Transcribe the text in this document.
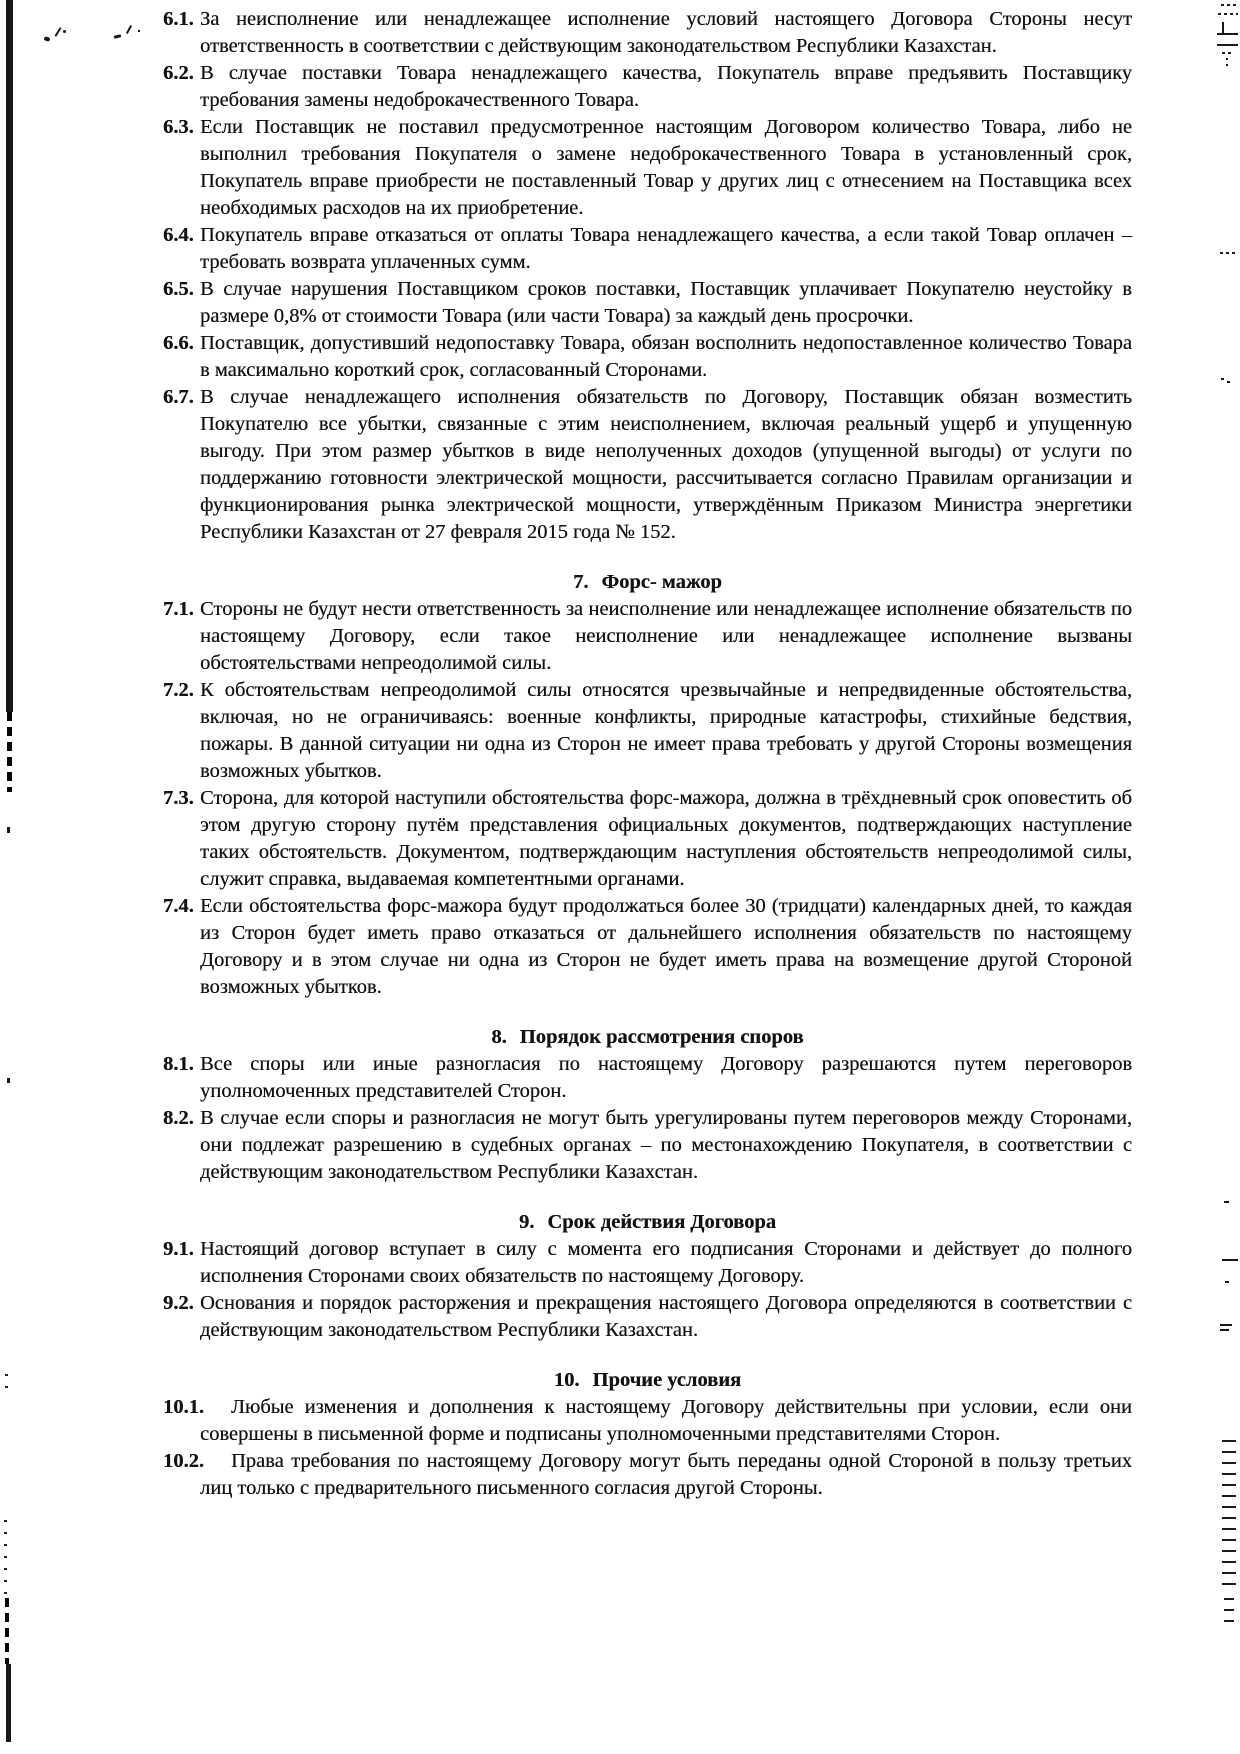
6.1. За неисполнение или ненадлежащее исполнение условий настоящего Договора Стороны несут ответственность в соответствии с действующим законодательством Республики Казахстан.

6.2. В случае поставки Товара ненадлежащего качества, Покупатель вправе предъявить Поставщику требования замены недоброкачественного Товара.

6.3. Если Поставщик не поставил предусмотренное настоящим Договором количество Товара, либо не выполнил требования Покупателя о замене недоброкачественного Товара в установленный срок, Покупатель вправе приобрести не поставленный Товар у других лиц с отнесением на Поставщика всех необходимых расходов на их приобретение.

6.4. Покупатель вправе отказаться от оплаты Товара ненадлежащего качества, а если такой Товар оплачен – требовать возврата уплаченных сумм.

6.5. В случае нарушения Поставщиком сроков поставки, Поставщик уплачивает Покупателю неустойку в размере 0,8% от стоимости Товара (или части Товара) за каждый день просрочки.

6.6. Поставщик, допустивший недопоставку Товара, обязан восполнить недопоставленное количество Товара в максимально короткий срок, согласованный Сторонами.

6.7. В случае ненадлежащего исполнения обязательств по Договору, Поставщик обязан возместить Покупателю все убытки, связанные с этим неисполнением, включая реальный ущерб и упущенную выгоду. При этом размер убытков в виде неполученных доходов (упущенной выгоды) от услуги по поддержанию готовности электрической мощности, рассчитывается согласно Правилам организации и функционирования рынка электрической мощности, утверждённым Приказом Министра энергетики Республики Казахстан от 27 февраля 2015 года № 152.

7. Форс- мажор

7.1. Стороны не будут нести ответственность за неисполнение или ненадлежащее исполнение обязательств по настоящему Договору, если такое неисполнение или ненадлежащее исполнение вызваны обстоятельствами непреодолимой силы.

7.2. К обстоятельствам непреодолимой силы относятся чрезвычайные и непредвиденные обстоятельства, включая, но не ограничиваясь: военные конфликты, природные катастрофы, стихийные бедствия, пожары. В данной ситуации ни одна из Сторон не имеет права требовать у другой Стороны возмещения возможных убытков.

7.3. Сторона, для которой наступили обстоятельства форс-мажора, должна в трёхдневный срок оповестить об этом другую сторону путём представления официальных документов, подтверждающих наступление таких обстоятельств. Документом, подтверждающим наступления обстоятельств непреодолимой силы, служит справка, выдаваемая компетентными органами.

7.4. Если обстоятельства форс-мажора будут продолжаться более 30 (тридцати) календарных дней, то каждая из Сторон будет иметь право отказаться от дальнейшего исполнения обязательств по настоящему Договору и в этом случае ни одна из Сторон не будет иметь права на возмещение другой Стороной возможных убытков.

8. Порядок рассмотрения споров

8.1. Все споры или иные разногласия по настоящему Договору разрешаются путем переговоров уполномоченных представителей Сторон.

8.2. В случае если споры и разногласия не могут быть урегулированы путем переговоров между Сторонами, они подлежат разрешению в судебных органах – по местонахождению Покупателя, в соответствии с действующим законодательством Республики Казахстан.

9. Срок действия Договора

9.1. Настоящий договор вступает в силу с момента его подписания Сторонами и действует до полного исполнения Сторонами своих обязательств по настоящему Договору.

9.2. Основания и порядок расторжения и прекращения настоящего Договора определяются в соответствии с действующим законодательством Республики Казахстан.

10. Прочие условия

10.1. Любые изменения и дополнения к настоящему Договору действительны при условии, если они совершены в письменной форме и подписаны уполномоченными представителями Сторон.

10.2. Права требования по настоящему Договору могут быть переданы одной Стороной в пользу третьих лиц только с предварительного письменного согласия другой Стороны.
